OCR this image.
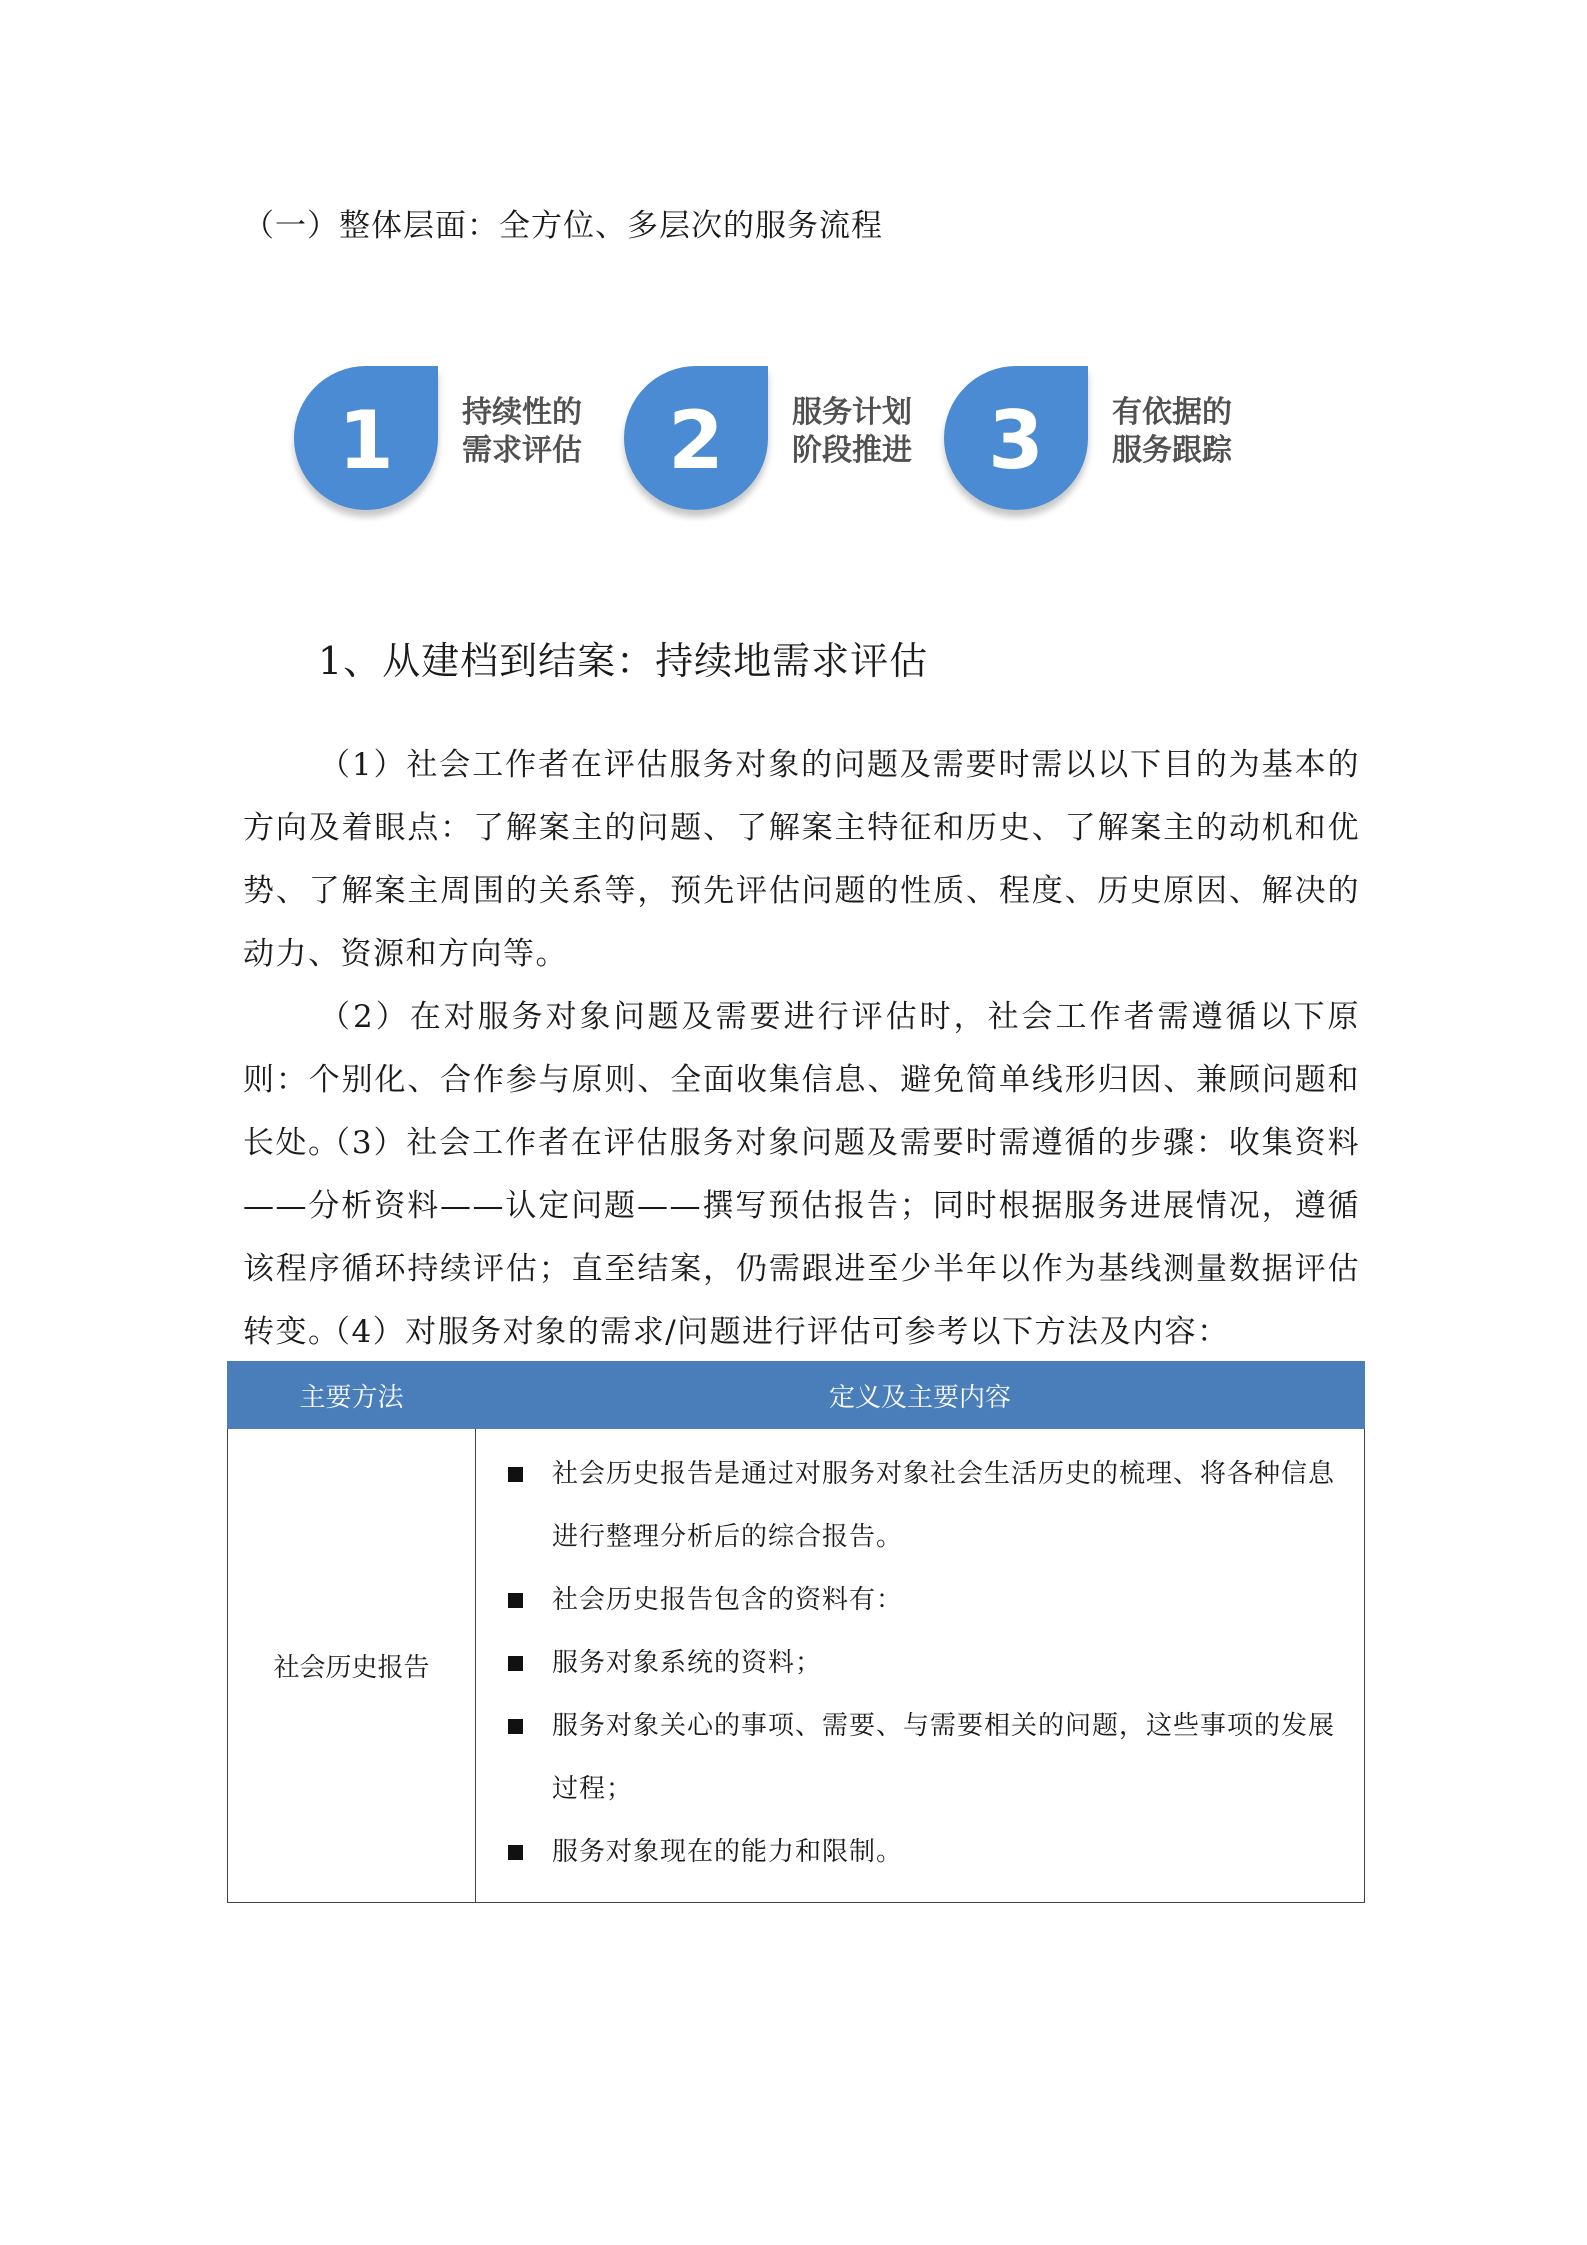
（一）整体层面：全方位、多层次的服务流程
1	持续性的
需求评估	2	服务计划
阶段推进 3	有依据的
服务跟踪
1、从建档到结案：持续地需求评估
（1）社会工作者在评估服务对象的问题及需要时需以以下目的为基本的方向及着眼点：了解案主的问题、了解案主特征和历史、了解案主的动机和优势、了解案主周围的关系等，预先评估问题的性质、程度、历史原因、解决的动力、资源和方向等。
（2）在对服务对象问题及需要进行评估时，社会工作者需遵循以下原则：个别化、合作参与原则、全面收集信息、避免简单线形归因、兼顾问题和长处。
（3）社会工作者在评估服务对象问题及需要时需遵循的步骤：收集资料——分析资料——认定问题——撰写预估报告；同时根据服务进展情况，遵循该程序循环持续评估；直至结案，仍需跟进至少半年以作为基线测量数据评估转变。
（4）对服务对象的需求/问题进行评估可参考以下方法及内容：
主要方法	定义及主要内容
社会历史报告	社会历史报告是通过对服务对象社会生活历史的梳理、将各种信息进行整理分析后的综合报告。
社会历史报告包含的资料有：
服务对象系统的资料；
服务对象关心的事项、需要、与需要相关的问题，这些事项的发展过程；
服务对象现在的能力和限制。
